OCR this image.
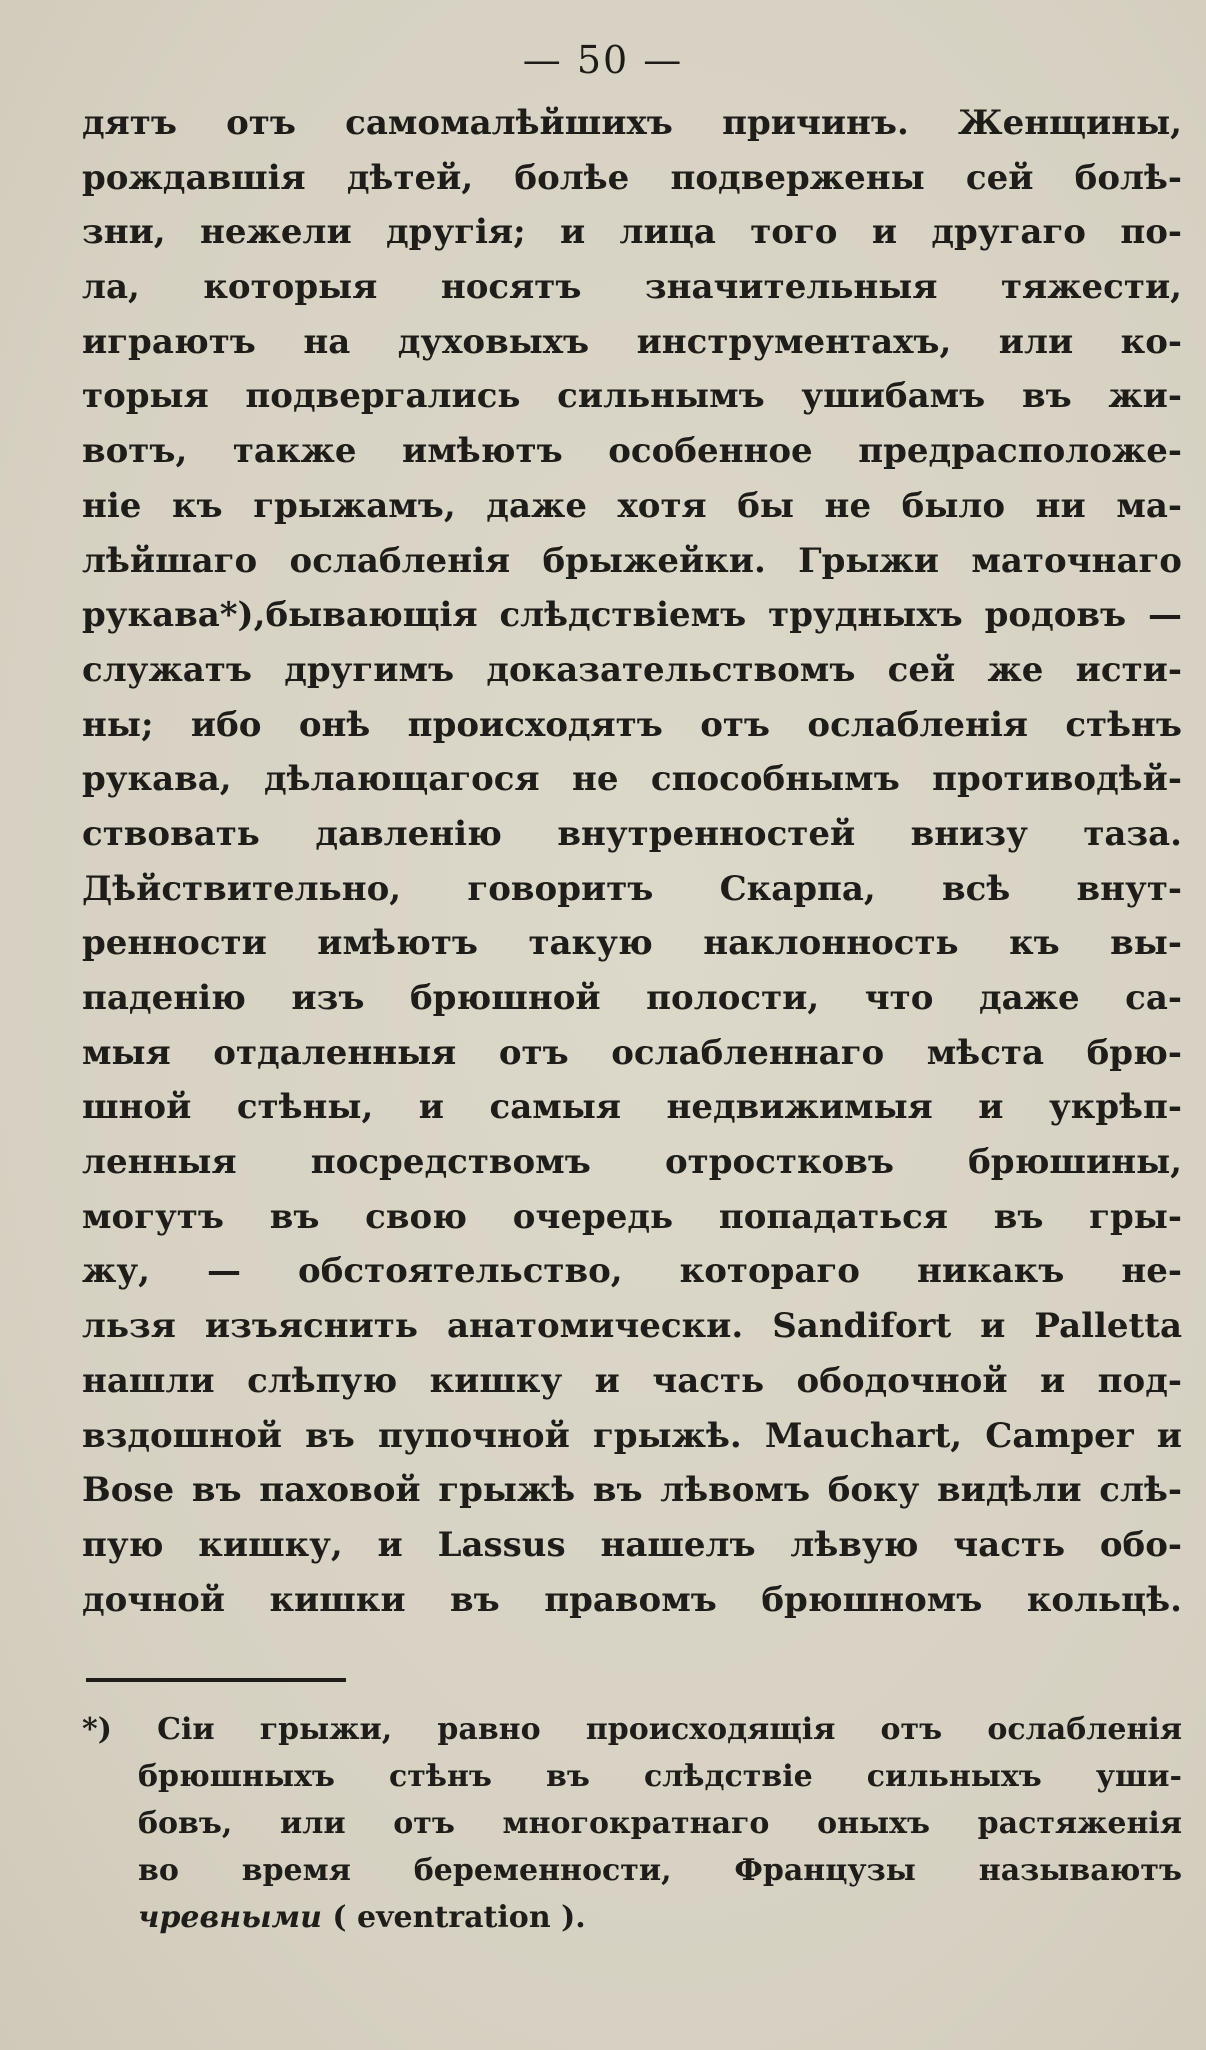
— 50 —
дятъ отъ самомалѣйшихъ причинъ. Женщины,
рождавшія дѣтей, болѣе подвержены сей болѣ-
зни, нежели другія; и лица того и другаго по-
ла, которыя носятъ значительныя тяжести,
играютъ на духовыхъ инструментахъ, или ко-
торыя подвергались сильнымъ ушибамъ въ жи-
вотъ, также имѣютъ особенное предрасположе-
ніе къ грыжамъ, даже хотя бы не было ни ма-
лѣйшаго ослабленія брыжейки. Грыжи маточнаго
рукава*),бывающія слѣдствіемъ трудныхъ родовъ —
служатъ другимъ доказательствомъ сей же исти-
ны; ибо онѣ происходятъ отъ ослабленія стѣнъ
рукава, дѣлающагося не способнымъ противодѣй-
ствовать давленію внутренностей внизу таза.
Дѣйствительно, говоритъ Скарпа, всѣ внут-
ренности имѣютъ такую наклонность къ вы-
паденію изъ брюшной полости, что даже са-
мыя отдаленныя отъ ослабленнаго мѣста брю-
шной стѣны, и самыя недвижимыя и укрѣп-
ленныя посредствомъ отростковъ брюшины,
могутъ въ свою очередь попадаться въ гры-
жу, — обстоятельство, котораго никакъ не-
льзя изъяснить анатомически. Sandifort и Palletta
нашли слѣпую кишку и часть ободочной и под-
вздошной въ пупочной грыжѣ. Mauchart, Camper и
Bose въ паховой грыжѣ въ лѣвомъ боку видѣли слѣ-
пую кишку, и Lassus нашелъ лѣвую часть обо-
дочной кишки въ правомъ брюшномъ кольцѣ.
*) Сіи грыжи, равно происходящія отъ ослабленія
брюшныхъ стѣнъ въ слѣдствіе сильныхъ уши-
бовъ, или отъ многократнаго оныхъ растяженія
во время беременности, Французы называютъ
чревными ( eventration ).
